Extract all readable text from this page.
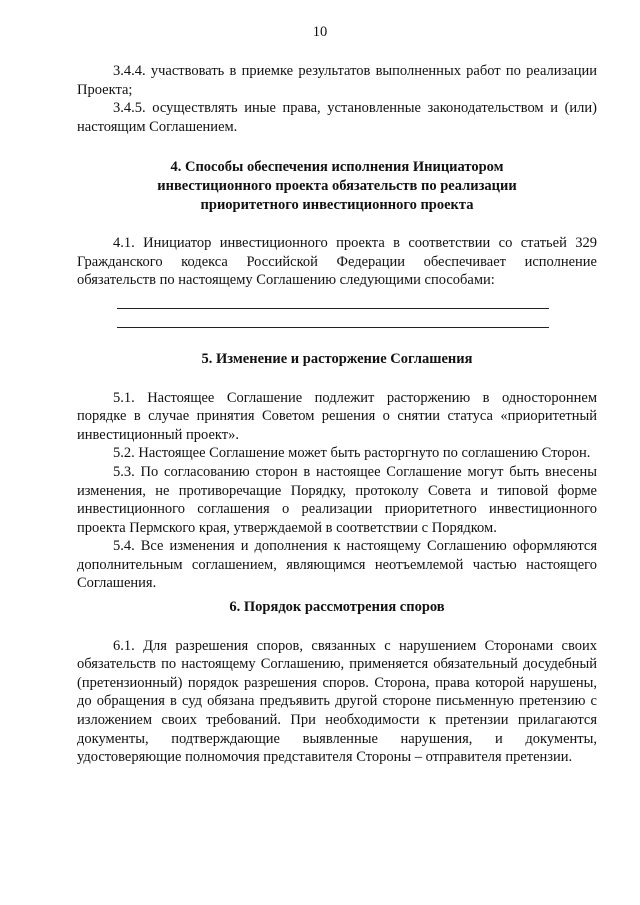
10

3.4.4. участвовать в приемке результатов выполненных работ по реализации Проекта;

3.4.5. осуществлять иные права, установленные законодательством и (или) настоящим Соглашением.

4. Способы обеспечения исполнения Инициатором
инвестиционного проекта обязательств по реализации
приоритетного инвестиционного проекта

4.1. Инициатор инвестиционного проекта в соответствии со статьей 329 Гражданского кодекса Российской Федерации обеспечивает исполнение обязательств по настоящему Соглашению следующими способами:

5. Изменение и расторжение Соглашения

5.1. Настоящее Соглашение подлежит расторжению в одностороннем порядке в случае принятия Советом решения о снятии статуса «приоритетный инвестиционный проект».

5.2. Настоящее Соглашение может быть расторгнуто по соглашению Сторон.

5.3. По согласованию сторон в настоящее Соглашение могут быть внесены изменения, не противоречащие Порядку, протоколу Совета и типовой форме инвестиционного соглашения о реализации приоритетного инвестиционного проекта Пермского края, утверждаемой в соответствии с Порядком.

5.4. Все изменения и дополнения к настоящему Соглашению оформляются дополнительным соглашением, являющимся неотъемлемой частью настоящего Соглашения.

6. Порядок рассмотрения споров

6.1. Для разрешения споров, связанных с нарушением Сторонами своих обязательств по настоящему Соглашению, применяется обязательный досудебный (претензионный) порядок разрешения споров. Сторона, права которой нарушены, до обращения в суд обязана предъявить другой стороне письменную претензию с изложением своих требований. При необходимости к претензии прилагаются документы, подтверждающие выявленные нарушения, и документы, удостоверяющие полномочия представителя Стороны – отправителя претензии.
